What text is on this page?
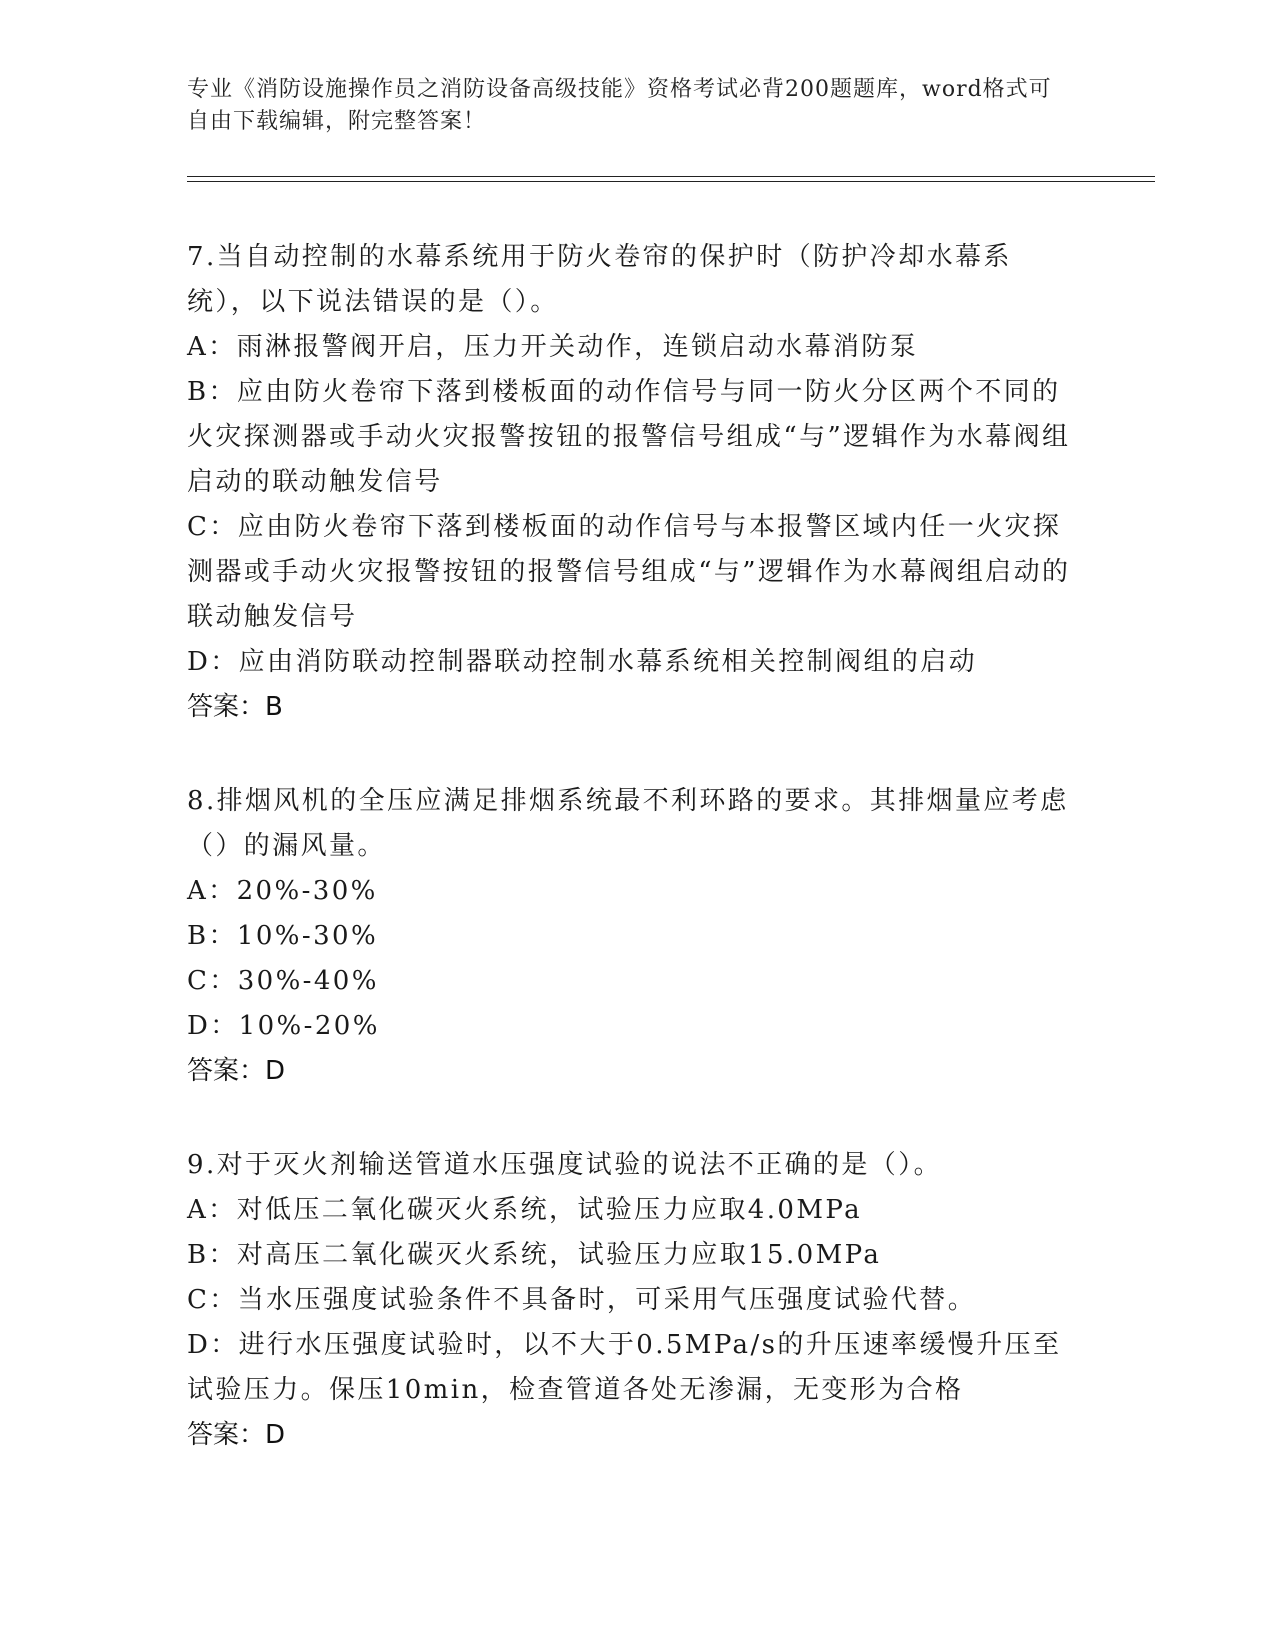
专业《消防设施操作员之消防设备高级技能》资格考试必背200题题库，word格式可自由下载编辑，附完整答案！

7.当自动控制的水幕系统用于防火卷帘的保护时（防护冷却水幕系统），以下说法错误的是（）。

A：雨淋报警阀开启，压力开关动作，连锁启动水幕消防泵

B：应由防火卷帘下落到楼板面的动作信号与同一防火分区两个不同的火灾探测器或手动火灾报警按钮的报警信号组成“与”逻辑作为水幕阀组启动的联动触发信号

C：应由防火卷帘下落到楼板面的动作信号与本报警区域内任一火灾探测器或手动火灾报警按钮的报警信号组成“与”逻辑作为水幕阀组启动的联动触发信号

D：应由消防联动控制器联动控制水幕系统相关控制阀组的启动

答案：B

8.排烟风机的全压应满足排烟系统最不利环路的要求。其排烟量应考虑（）的漏风量。

A：20%-30%

B：10%-30%

C：30%-40%

D：10%-20%

答案：D

9.对于灭火剂输送管道水压强度试验的说法不正确的是（）。

A：对低压二氧化碳灭火系统，试验压力应取4.0MPa

B：对高压二氧化碳灭火系统，试验压力应取15.0MPa

C：当水压强度试验条件不具备时，可采用气压强度试验代替。

D：进行水压强度试验时，以不大于0.5MPa/s的升压速率缓慢升压至试验压力。保压10min，检查管道各处无渗漏，无变形为合格

答案：D
